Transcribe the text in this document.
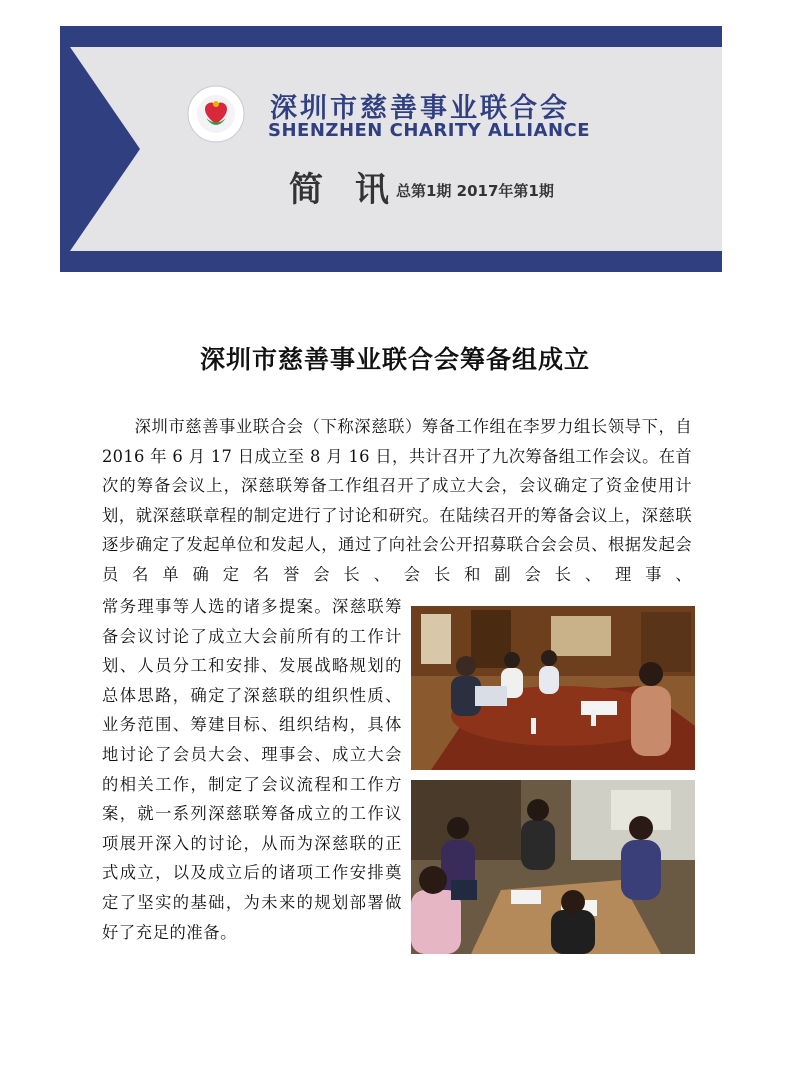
深圳市慈善事业联合会
SHENZHEN CHARITY ALLIANCE
简 讯
总第1期 2017年第1期
深圳市慈善事业联合会筹备组成立
深圳市慈善事业联合会（下称深慈联）筹备工作组在李罗力组长领导下，自 2016 年 6 月 17 日成立至 8 月 16 日，共计召开了九次筹备组工作会议。在首次的筹备会议上，深慈联筹备工作组召开了成立大会，会议确定了资金使用计划，就深慈联章程的制定进行了讨论和研究。在陆续召开的筹备会议上，深慈联逐步确定了发起单位和发起人，通过了向社会公开招募联合会会员、根据发起会员名单确定名誉会长、会长和副会长、理事、
常务理事等人选的诸多提案。深慈联筹备会议讨论了成立大会前所有的工作计划、人员分工和安排、发展战略规划的总体思路，确定了深慈联的组织性质、业务范围、筹建目标、组织结构，具体地讨论了会员大会、理事会、成立大会的相关工作，制定了会议流程和工作方案，就一系列深慈联筹备成立的工作议项展开深入的讨论，从而为深慈联的正式成立，以及成立后的诸项工作安排奠定了坚实的基础，为未来的规划部署做好了充足的准备。
